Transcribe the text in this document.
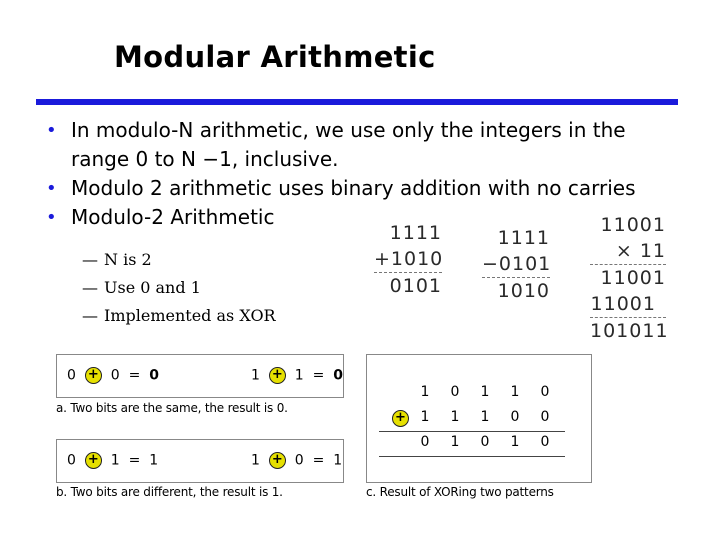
Modular Arithmetic
• In modulo-N arithmetic, we use only the integers in the range 0 to N −1, inclusive.
• Modulo 2 arithmetic uses binary addition with no carries
• Modulo-2 Arithmetic
— N is 2
— Use 0 and 1
— Implemented as XOR
1111
+1010
0101
1111
−0101
1010
11001
× 11
11001
11001
101011
0 + 0 = 0	1 + 1 = 0
a. Two bits are the same, the result is 0.
0 + 1 = 1	1 + 0 = 1
b. Two bits are different, the result is 1.
1	0	1	1	0
+	1	1	1	0	0
0	1	0	1	0
c. Result of XORing two patterns
